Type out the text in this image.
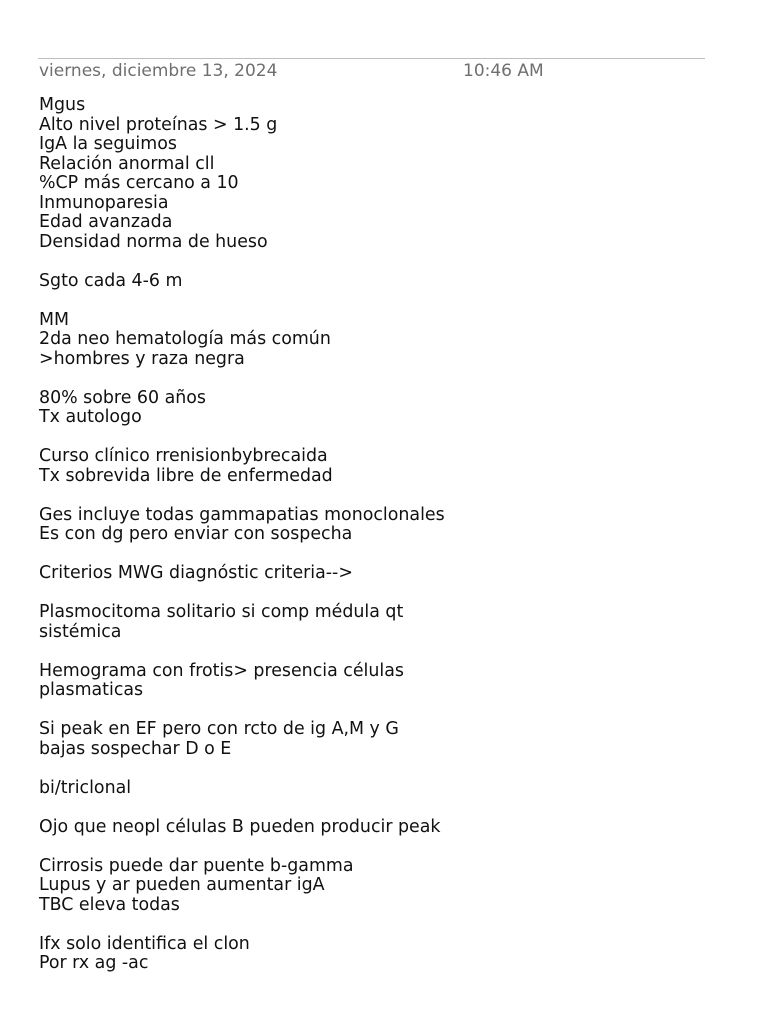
viernes, diciembre 13, 2024	10:46 AM
Mgus
Alto nivel proteínas > 1.5 g
IgA la seguimos
Relación anormal cll
%CP más cercano a 10
Inmunoparesia
Edad avanzada
Densidad norma de hueso
Sgto cada 4-6 m
MM
2da neo hematología más común
>hombres y raza negra
80% sobre 60 años
Tx autologo
Curso clínico rrenisionbybrecaida
Tx sobrevida libre de enfermedad
Ges incluye todas gammapatias monoclonales
Es con dg pero enviar con sospecha
Criterios MWG diagnóstic criteria-->
Plasmocitoma solitario si comp médula qt
sistémica
Hemograma con frotis> presencia células
plasmaticas
Si peak en EF pero con rcto de ig A,M y G
bajas sospechar D o E
bi/triclonal
Ojo que neopl células B pueden producir peak
Cirrosis puede dar puente b-gamma
Lupus y ar pueden aumentar igA
TBC eleva todas
Ifx solo identifica el clon
Por rx ag -ac
